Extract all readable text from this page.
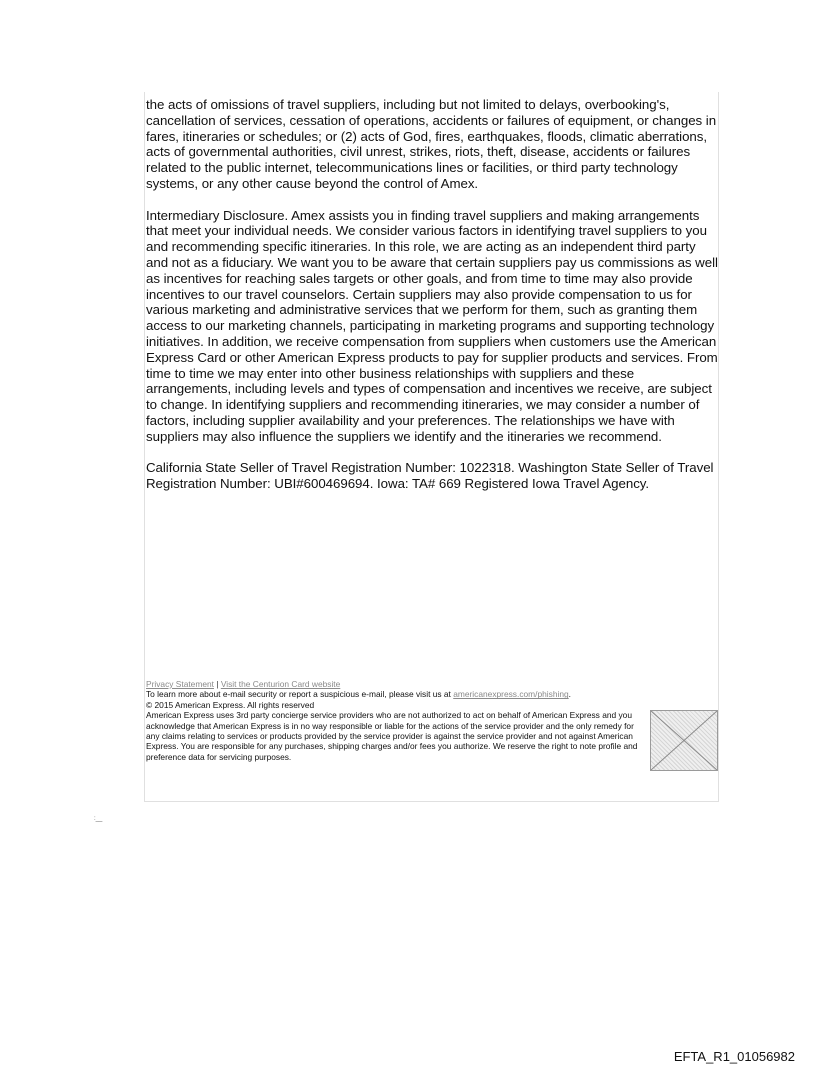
the acts of omissions of travel suppliers, including but not limited to delays, overbooking's, cancellation of services, cessation of operations, accidents or failures of equipment, or changes in fares, itineraries or schedules; or (2) acts of God, fires, earthquakes, floods, climatic aberrations, acts of governmental authorities, civil unrest, strikes, riots, theft, disease, accidents or failures related to the public internet, telecommunications lines or facilities, or third party technology systems, or any other cause beyond the control of Amex.

Intermediary Disclosure. Amex assists you in finding travel suppliers and making arrangements that meet your individual needs. We consider various factors in identifying travel suppliers to you and recommending specific itineraries. In this role, we are acting as an independent third party and not as a fiduciary. We want you to be aware that certain suppliers pay us commissions as well as incentives for reaching sales targets or other goals, and from time to time may also provide incentives to our travel counselors. Certain suppliers may also provide compensation to us for various marketing and administrative services that we perform for them, such as granting them access to our marketing channels, participating in marketing programs and supporting technology initiatives. In addition, we receive compensation from suppliers when customers use the American Express Card or other American Express products to pay for supplier products and services. From time to time we may enter into other business relationships with suppliers and these arrangements, including levels and types of compensation and incentives we receive, are subject to change. In identifying suppliers and recommending itineraries, we may consider a number of factors, including supplier availability and your preferences. The relationships we have with suppliers may also influence the suppliers we identify and the itineraries we recommend.

California State Seller of Travel Registration Number: 1022318. Washington State Seller of Travel Registration Number: UBI#600469694. Iowa: TA# 669 Registered Iowa Travel Agency.

Privacy Statement | Visit the Centurion Card website
To learn more about e-mail security or report a suspicious e-mail, please visit us at americanexpress.com/phishing.
© 2015 American Express. All rights reserved
American Express uses 3rd party concierge service providers who are not authorized to act on behalf of American Express and you acknowledge that American Express is in no way responsible or liable for the actions of the service provider and the only remedy for any claims relating to services or products provided by the service provider is against the service provider and not against American Express. You are responsible for any purchases, shipping charges and/or fees you authorize. We reserve the right to note profile and preference data for servicing purposes.
:__
EFTA_R1_01056982
